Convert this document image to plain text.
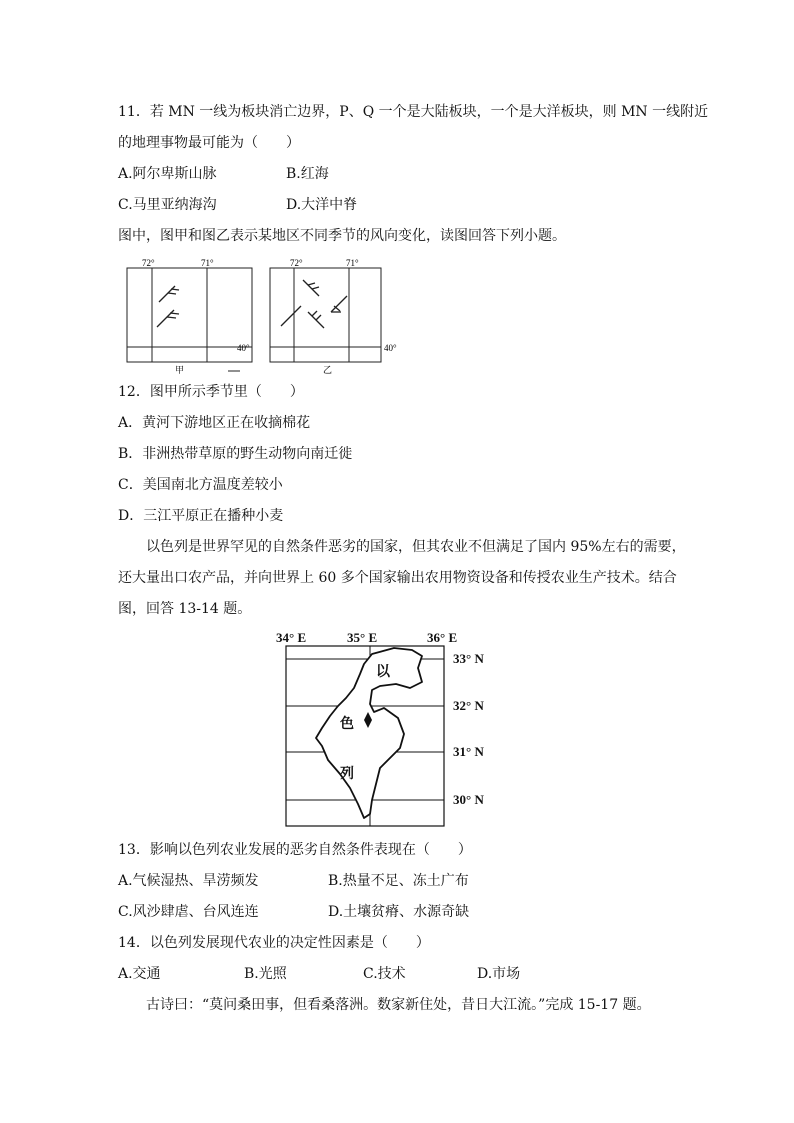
11．若 MN 一线为板块消亡边界，P、Q 一个是大陆板块，一个是大洋板块，则 MN 一线附近
的地理事物最可能为（　　）
A.阿尔卑斯山脉	B.红海
C.马里亚纳海沟	D.大洋中脊
图中，图甲和图乙表示某地区不同季节的风向变化，读图回答下列小题。
72°	71°
40°
甲
72°	71°
40°
乙
12．图甲所示季节里（　　）
A．黄河下游地区正在收摘棉花
B．非洲热带草原的野生动物向南迁徙
C．美国南北方温度差较小
D．三江平原正在播种小麦
以色列是世界罕见的自然条件恶劣的国家，但其农业不但满足了国内 95%左右的需要，
还大量出口农产品，并向世界上 60 多个国家输出农用物资设备和传授农业生产技术。结合
图，回答 13-14 题。
34° E	35° E	36° E
33° N
32° N
31° N
30° N
以
色
列
13．影响以色列农业发展的恶劣自然条件表现在（　　）
A.气候湿热、旱涝频发	B.热量不足、冻土广布
C.风沙肆虐、台风连连	D.土壤贫瘠、水源奇缺
14．以色列发展现代农业的决定性因素是（　　）
A.交通	B.光照	C.技术	D.市场
古诗曰：“莫问桑田事，但看桑落洲。数家新住处，昔日大江流。”完成 15-17 题。
